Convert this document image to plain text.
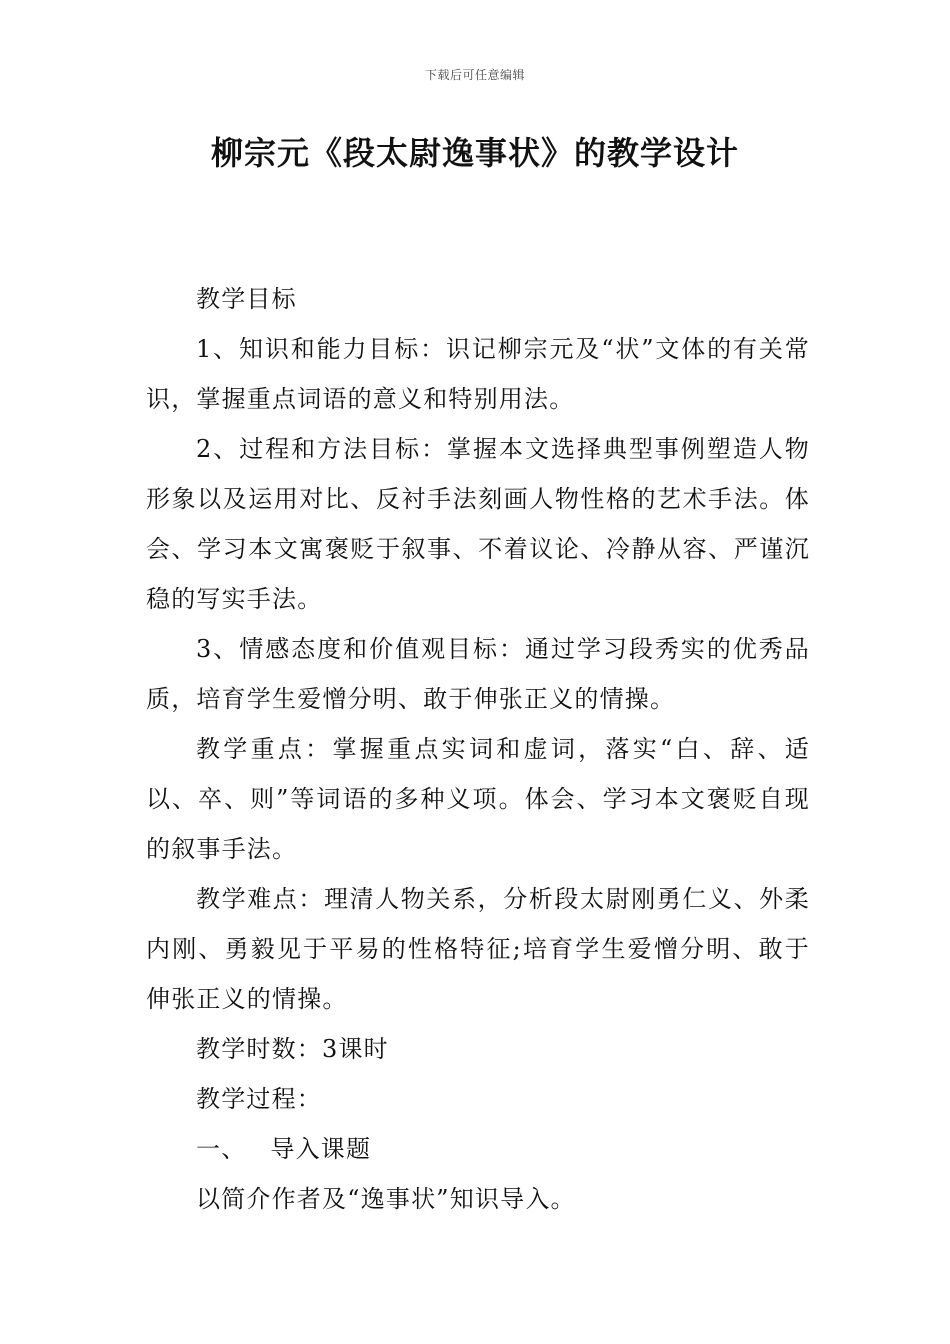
下载后可任意编辑
柳宗元《段太尉逸事状》的教学设计

教学目标

1、知识和能力目标：识记柳宗元及“状”文体的有关常识，掌握重点词语的意义和特别用法。

2、过程和方法目标：掌握本文选择典型事例塑造人物形象以及运用对比、反衬手法刻画人物性格的艺术手法。体会、学习本文寓褒贬于叙事、不着议论、冷静从容、严谨沉稳的写实手法。

3、情感态度和价值观目标：通过学习段秀实的优秀品质，培育学生爱憎分明、敢于伸张正义的情操。

教学重点：掌握重点实词和虚词，落实“白、辞、适以、卒、则”等词语的多种义项。体会、学习本文褒贬自现的叙事手法。

教学难点：理清人物关系，分析段太尉刚勇仁义、外柔内刚、勇毅见于平易的性格特征;培育学生爱憎分明、敢于伸张正义的情操。

教学时数：3课时

教学过程：

一、 导入课题

以简介作者及“逸事状”知识导入。
